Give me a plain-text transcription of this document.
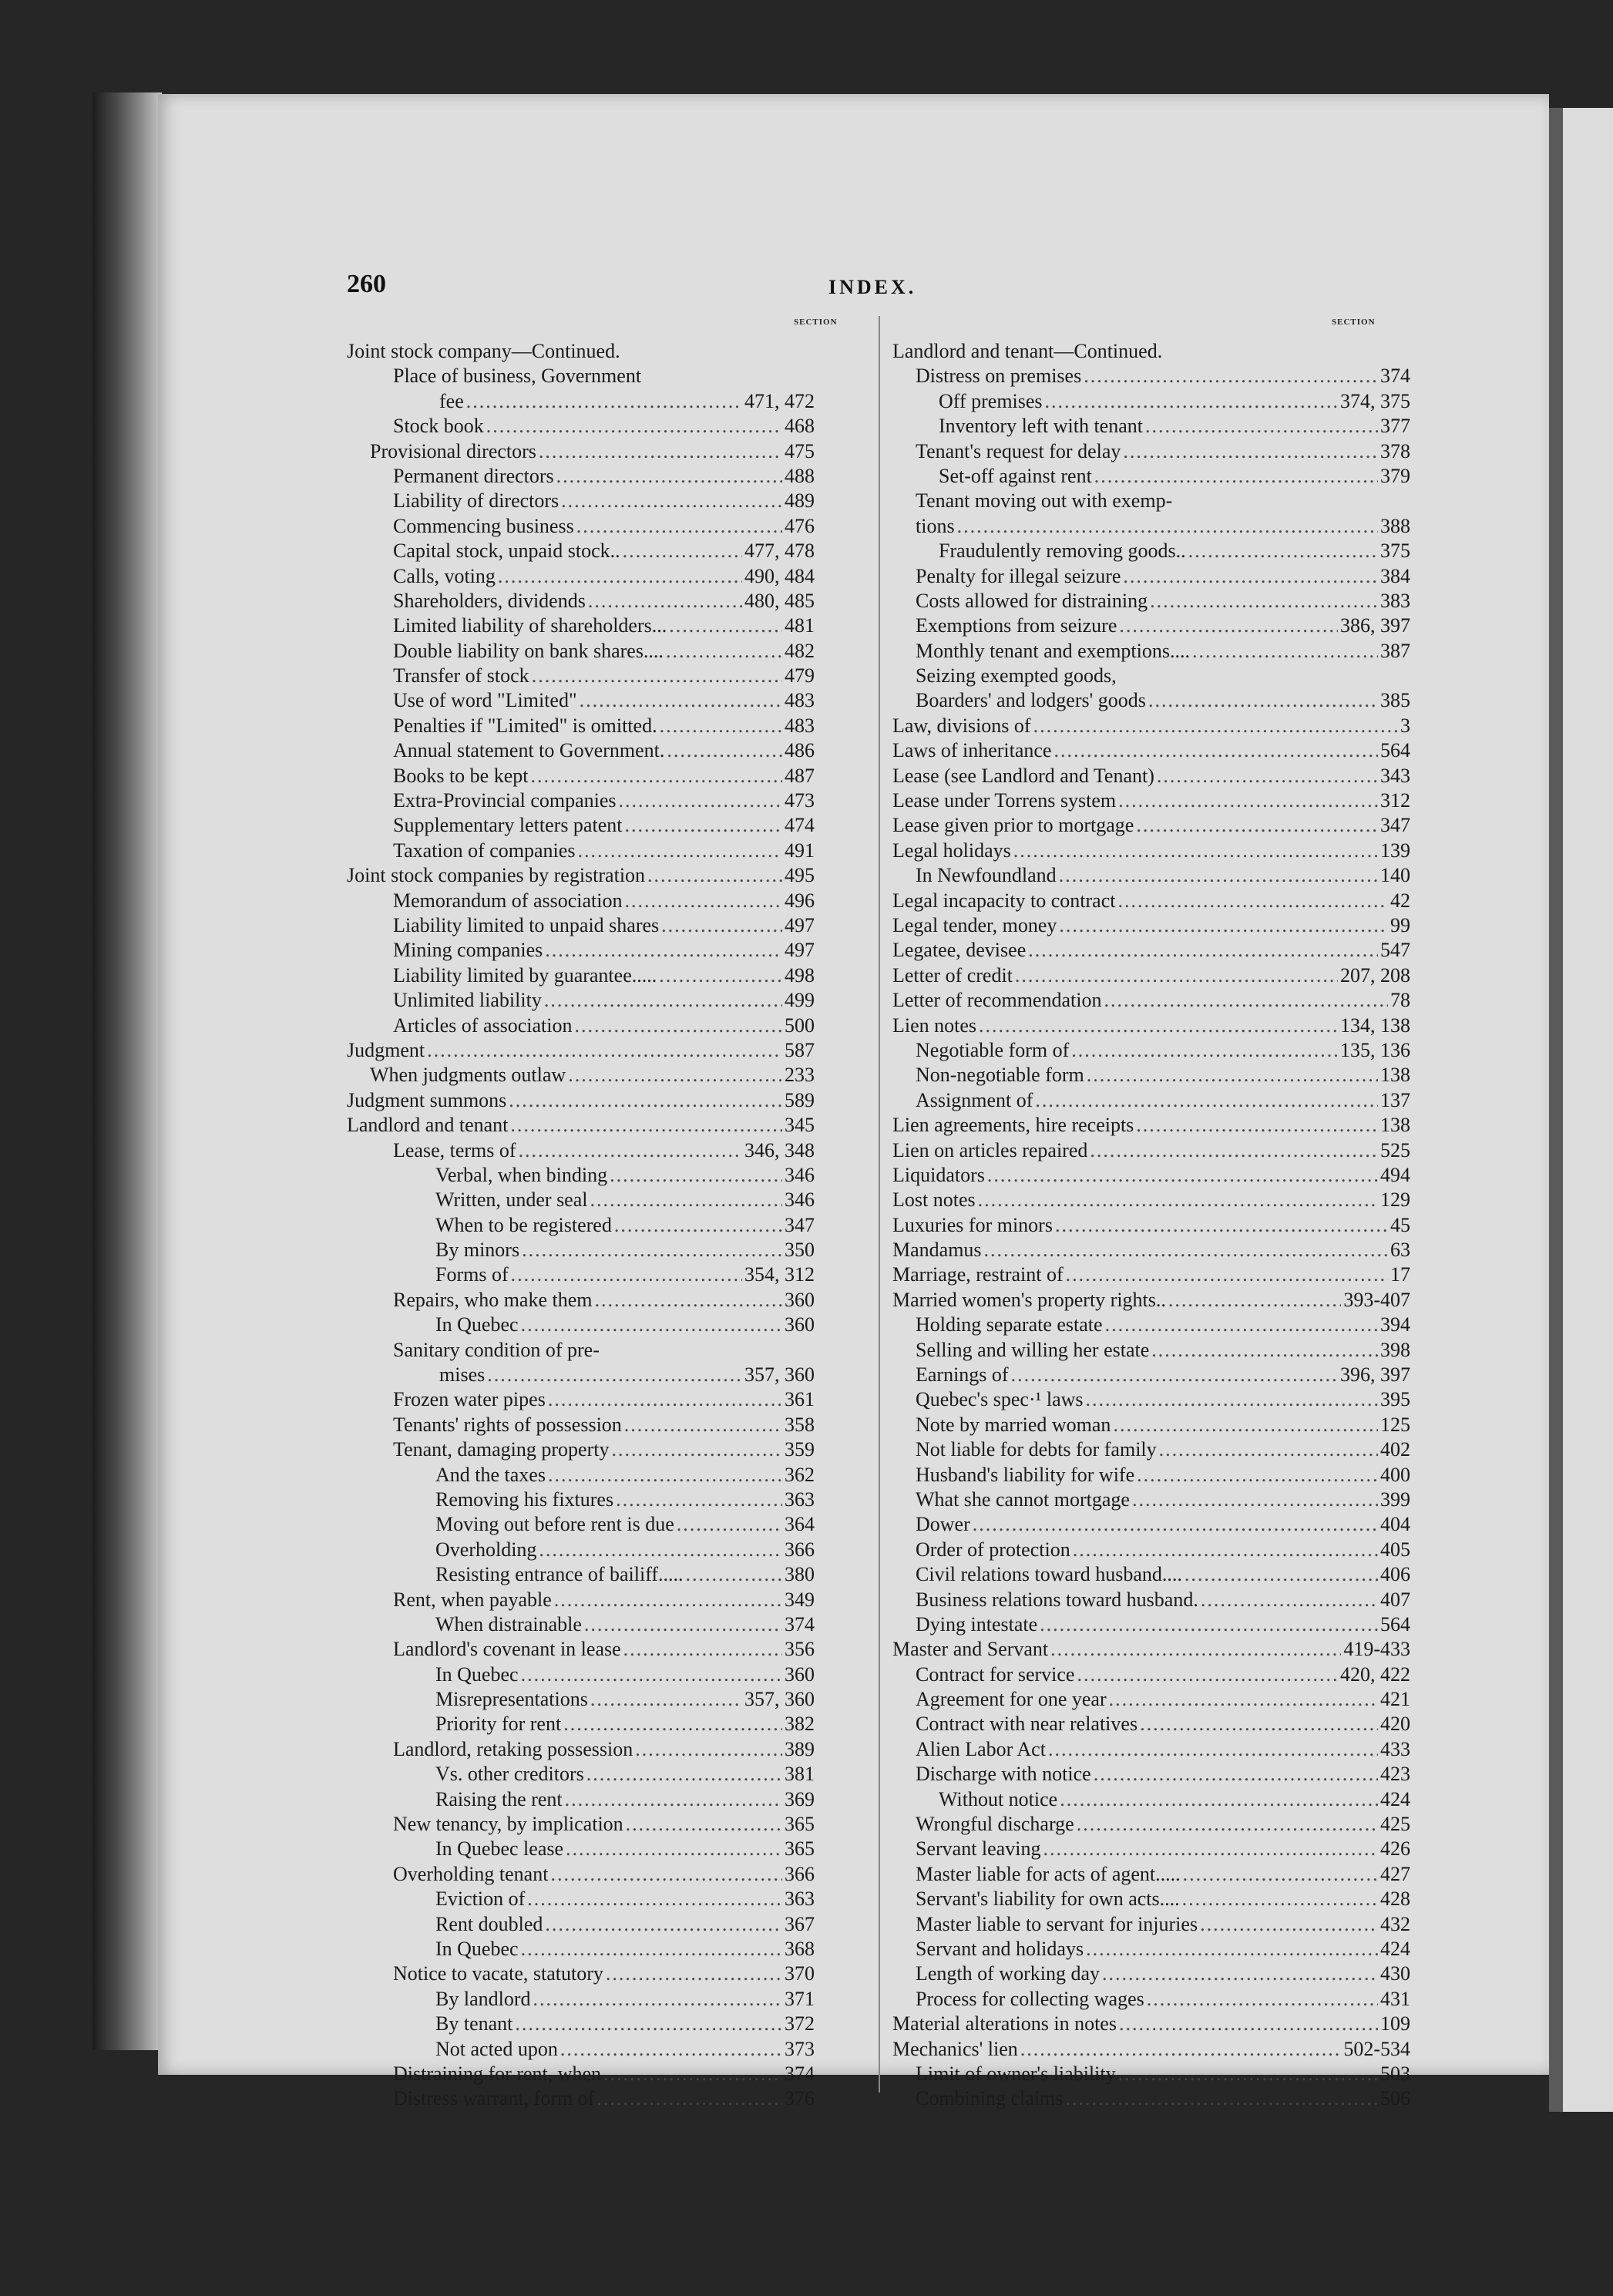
260	INDEX.
SECTION	SECTION
Joint stock company—Continued.
Place of business, Government
fee .....	471, 472
Stock book .....	468
Provisional directors .....	475
Permanent directors .....	488
Liability of directors .....	489
Commencing business .....	476
Capital stock, unpaid stock.. .....	477, 478
Calls, voting .....	490, 484
Shareholders, dividends .....	480, 485
Limited liability of shareholders... .....	481
Double liability on bank shares.... .....	482
Transfer of stock .....	479
Use of word "Limited" .....	483
Penalties if "Limited" is omitted. .....	483
Annual statement to Government. .....	486
Books to be kept .....	487
Extra-Provincial companies .....	473
Supplementary letters patent .....	474
Taxation of companies .....	491
Joint stock companies by registration .....	495
Memorandum of association .....	496
Liability limited to unpaid shares .....	497
Mining companies .....	497
Liability limited by guarantee..... .....	498
Unlimited liability .....	499
Articles of association .....	500
Judgment .....	587
When judgments outlaw .....	233
Judgment summons .....	589
Landlord and tenant .....	345
Lease, terms of .....	346, 348
Verbal, when binding .....	346
Written, under seal .....	346
When to be registered .....	347
By minors .....	350
Forms of .....	354, 312
Repairs, who make them .....	360
In Quebec .....	360
Sanitary condition of pre-
mises .....	357, 360
Frozen water pipes .....	361
Tenants' rights of possession .....	358
Tenant, damaging property .....	359
And the taxes .....	362
Removing his fixtures .....	363
Moving out before rent is due .....	364
Overholding .....	366
Resisting entrance of bailiff..... .....	380
Rent, when payable .....	349
When distrainable .....	374
Landlord's covenant in lease .....	356
In Quebec .....	360
Misrepresentations .....	357, 360
Priority for rent .....	382
Landlord, retaking possession .....	389
Vs. other creditors .....	381
Raising the rent .....	369
New tenancy, by implication .....	365
In Quebec lease .....	365
Overholding tenant .....	366
Eviction of .....	363
Rent doubled .....	367
In Quebec .....	368
Notice to vacate, statutory .....	370
By landlord .....	371
By tenant .....	372
Not acted upon .....	373
Distraining for rent, when .....	374
Distress warrant, form of .....	376
Landlord and tenant—Continued.
Distress on premises .....	374
Off premises .....	374, 375
Inventory left with tenant .....	377
Tenant's request for delay .....	378
Set-off against rent .....	379
Tenant moving out with exemp-
tions .....	388
Fraudulently removing goods.. .....	375
Penalty for illegal seizure .....	384
Costs allowed for distraining .....	383
Exemptions from seizure .....	386, 397
Monthly tenant and exemptions.... .....	387
Seizing exempted goods,
Boarders' and lodgers' goods .....	385
Law, divisions of .....	3
Laws of inheritance .....	564
Lease (see Landlord and Tenant) .....	343
Lease under Torrens system .....	312
Lease given prior to mortgage .....	347
Legal holidays .....	139
In Newfoundland .....	140
Legal incapacity to contract .....	42
Legal tender, money .....	99
Legatee, devisee .....	547
Letter of credit .....	207, 208
Letter of recommendation .....	78
Lien notes .....	134, 138
Negotiable form of .....	135, 136
Non-negotiable form .....	138
Assignment of .....	137
Lien agreements, hire receipts .....	138
Lien on articles repaired .....	525
Liquidators .....	494
Lost notes .....	129
Luxuries for minors .....	45
Mandamus .....	63
Marriage, restraint of .....	17
Married women's property rights.. .....	393-407
Holding separate estate .....	394
Selling and willing her estate .....	398
Earnings of .....	396, 397
Quebec's spec·¹ laws .....	395
Note by married woman .....	125
Not liable for debts for family .....	402
Husband's liability for wife .....	400
What she cannot mortgage .....	399
Dower .....	404
Order of protection .....	405
Civil relations toward husband.... .....	406
Business relations toward husband. .....	407
Dying intestate .....	564
Master and Servant .....	419-433
Contract for service .....	420, 422
Agreement for one year .....	421
Contract with near relatives .....	420
Alien Labor Act .....	433
Discharge with notice .....	423
Without notice .....	424
Wrongful discharge .....	425
Servant leaving .....	426
Master liable for acts of agent..... .....	427
Servant's liability for own acts.... .....	428
Master liable to servant for injuries .....	432
Servant and holidays .....	424
Length of working day .....	430
Process for collecting wages .....	431
Material alterations in notes .....	109
Mechanics' lien .....	502-534
Limit of owner's liability .....	503
Combining claims .....	506
